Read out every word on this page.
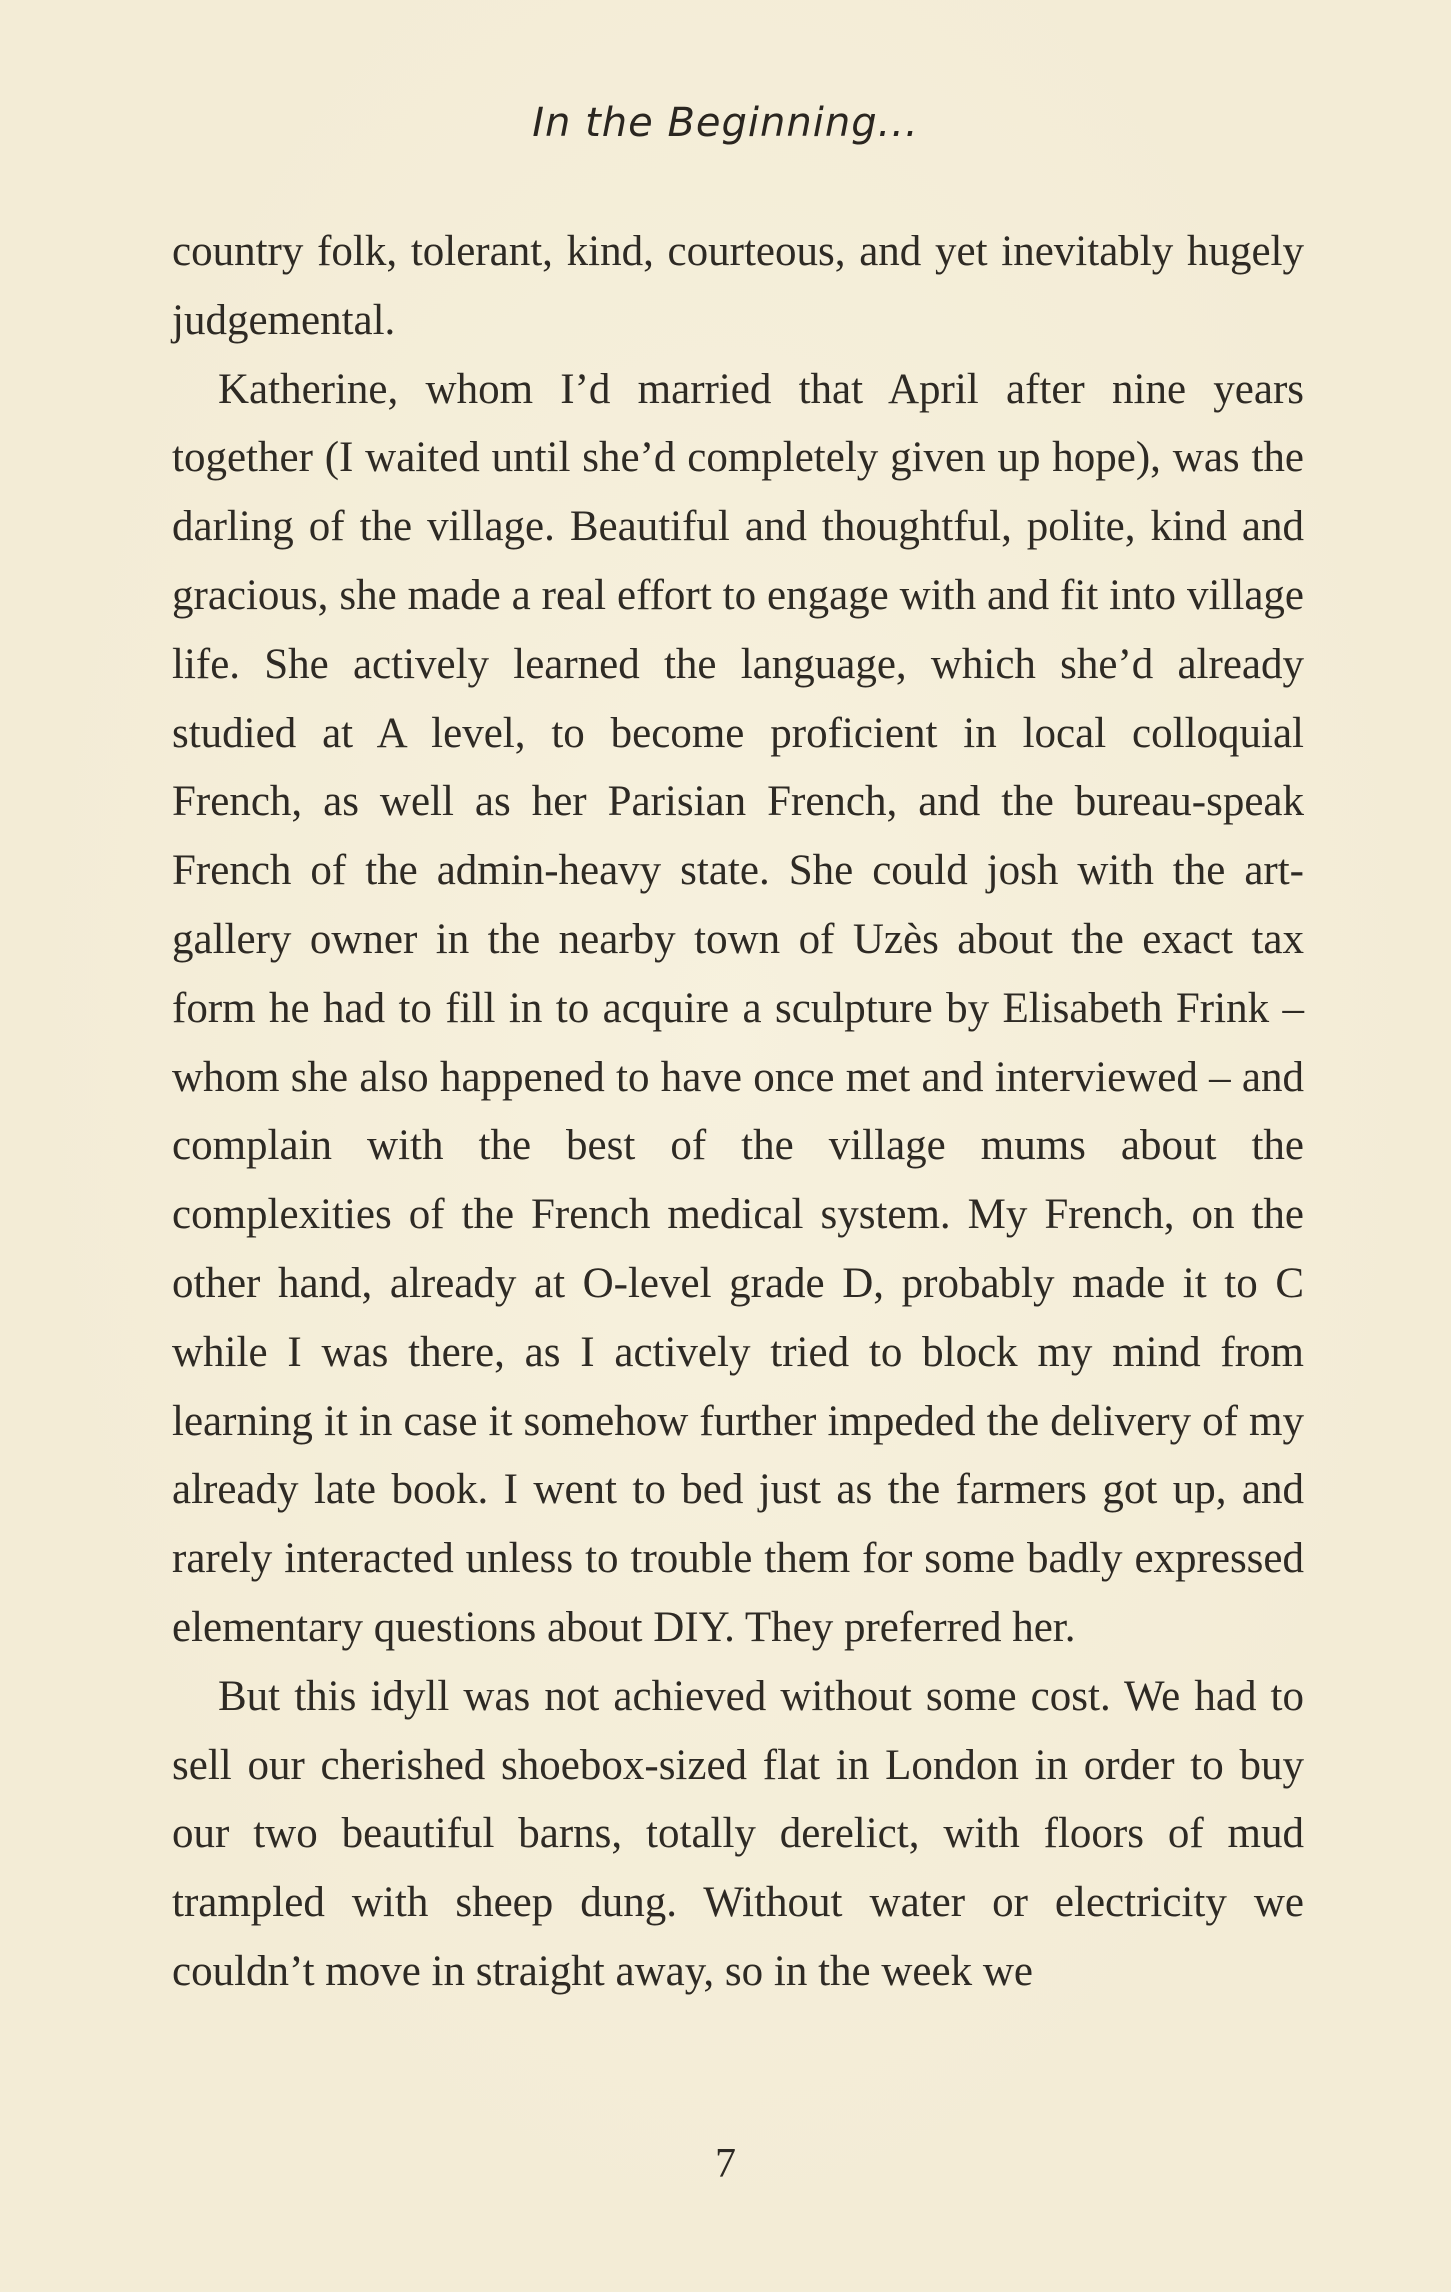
In the Beginning...

country folk, tolerant, kind, courteous, and yet inevitably hugely judgemental.

Katherine, whom I’d married that April after nine years together (I waited until she’d completely given up hope), was the darling of the village. Beautiful and thoughtful, polite, kind and gracious, she made a real effort to engage with and fit into village life. She actively learned the language, which she’d already studied at A level, to become proficient in local colloquial French, as well as her Parisian French, and the bureau-speak French of the admin-heavy state. She could josh with the art-gallery owner in the nearby town of Uzès about the exact tax form he had to fill in to acquire a sculpture by Elisabeth Frink – whom she also happened to have once met and interviewed – and complain with the best of the village mums about the complexities of the French medical system. My French, on the other hand, already at O-level grade D, probably made it to C while I was there, as I actively tried to block my mind from learning it in case it somehow further impeded the delivery of my already late book. I went to bed just as the farmers got up, and rarely interacted unless to trouble them for some badly expressed elementary questions about DIY. They preferred her.

But this idyll was not achieved without some cost. We had to sell our cherished shoebox-sized flat in London in order to buy our two beautiful barns, totally derelict, with floors of mud trampled with sheep dung. Without water or electricity we couldn’t move in straight away, so in the week we

7
